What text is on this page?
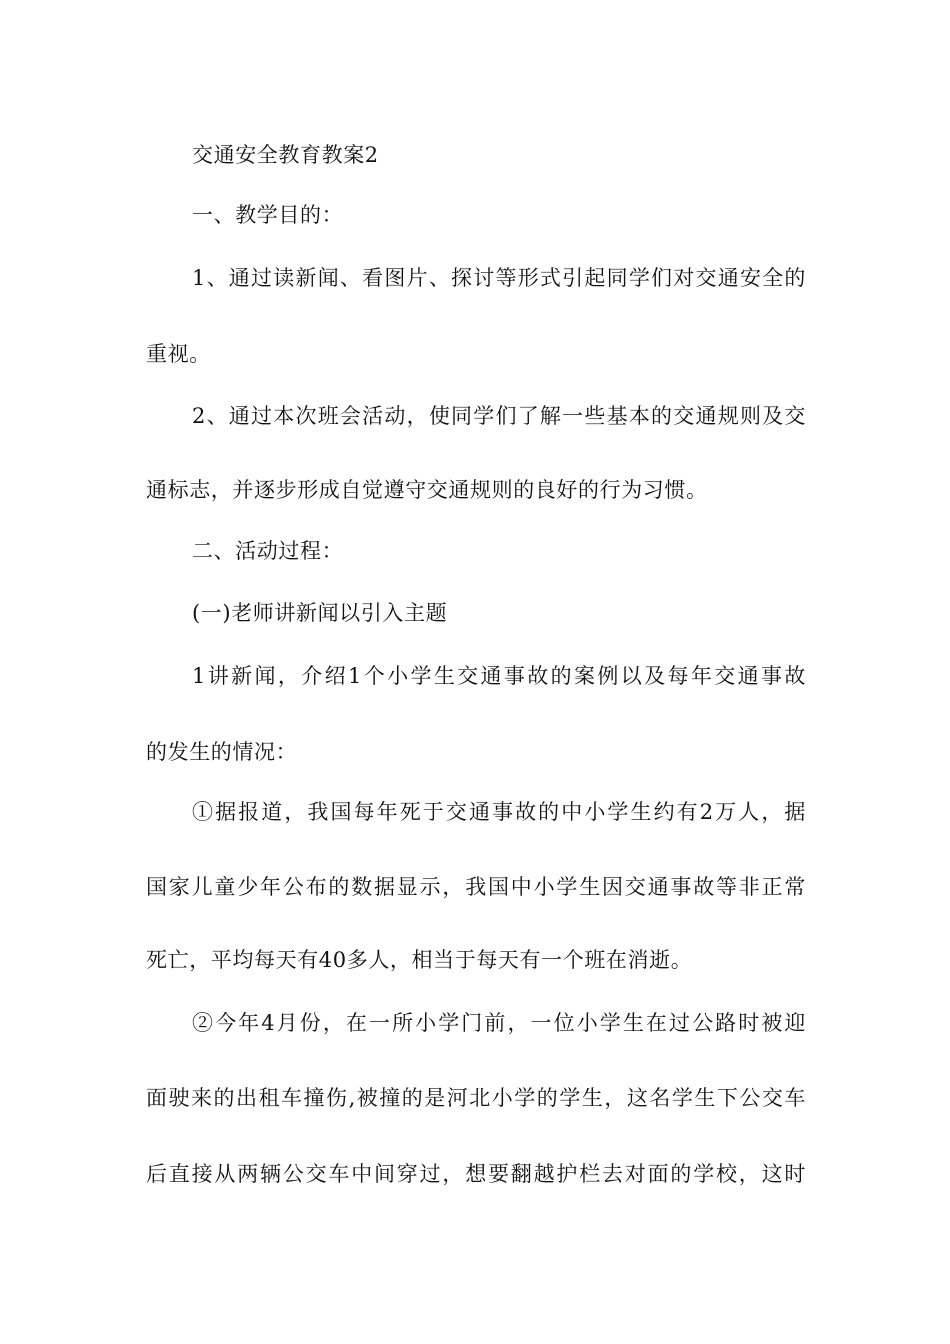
交通安全教育教案2
一、教学目的：
1、通过读新闻、看图片、探讨等形式引起同学们对交通安全的
重视。
2、通过本次班会活动，使同学们了解一些基本的交通规则及交
通标志，并逐步形成自觉遵守交通规则的良好的行为习惯。
二、活动过程：
(一)老师讲新闻以引入主题
1讲新闻，介绍1个小学生交通事故的案例以及每年交通事故
的发生的情况：
①据报道，我国每年死于交通事故的中小学生约有2万人，据
国家儿童少年公布的数据显示，我国中小学生因交通事故等非正常
死亡，平均每天有40多人，相当于每天有一个班在消逝。
②今年4月份，在一所小学门前，一位小学生在过公路时被迎
面驶来的出租车撞伤,被撞的是河北小学的学生，这名学生下公交车
后直接从两辆公交车中间穿过，想要翻越护栏去对面的学校，这时
